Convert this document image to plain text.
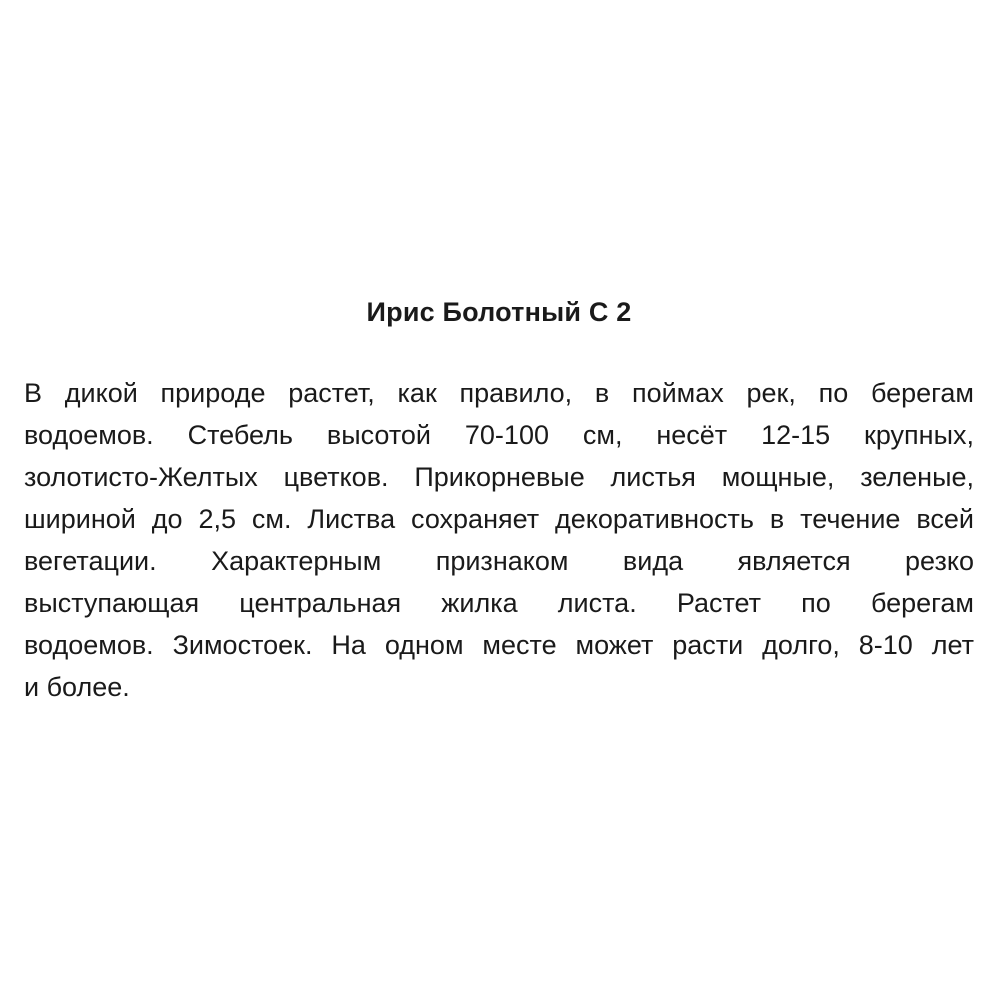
Ирис Болотный С 2

В дикой природе растет, как правило, в поймах рек, по берегам
водоемов. Стебель высотой 70-100 см, несёт 12-15 крупных,
золотисто-Желтых цветков. Прикорневые листья мощные, зеленые,
шириной до 2,5 см. Листва сохраняет декоративность в течение всей
вегетации. Характерным признаком вида является резко
выступающая центральная жилка листа. Растет по берегам
водоемов. Зимостоек. На одном месте может расти долго, 8-10 лет
и более.
